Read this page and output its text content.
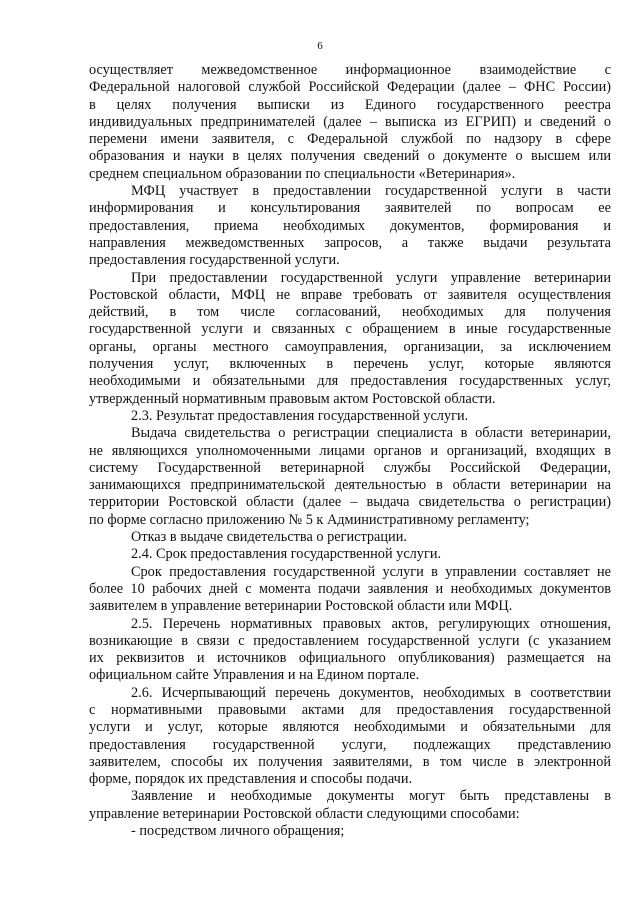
6
осуществляет межведомственное информационное взаимодействие с
Федеральной налоговой службой Российской Федерации (далее – ФНС России)
в целях получения выписки из Единого государственного реестра
индивидуальных предпринимателей (далее – выписка из ЕГРИП) и сведений о
перемени имени заявителя, с Федеральной службой по надзору в сфере
образования и науки в целях получения сведений о документе о высшем или
среднем специальном образовании по специальности «Ветеринария».
МФЦ участвует в предоставлении государственной услуги в части
информирования и консультирования заявителей по вопросам ее
предоставления, приема необходимых документов, формирования и
направления межведомственных запросов, а также выдачи результата
предоставления государственной услуги.
При предоставлении государственной услуги управление ветеринарии
Ростовской области, МФЦ не вправе требовать от заявителя осуществления
действий, в том числе согласований, необходимых для получения
государственной услуги и связанных с обращением в иные государственные
органы, органы местного самоуправления, организации, за исключением
получения услуг, включенных в перечень услуг, которые являются
необходимыми и обязательными для предоставления государственных услуг,
утвержденный нормативным правовым актом Ростовской области.
2.3. Результат предоставления государственной услуги.
Выдача свидетельства о регистрации специалиста в области ветеринарии,
не являющихся уполномоченными лицами органов и организаций, входящих в
систему Государственной ветеринарной службы Российской Федерации,
занимающихся предпринимательской деятельностью в области ветеринарии на
территории Ростовской области (далее – выдача свидетельства о регистрации)
по форме согласно приложению № 5 к Административному регламенту;
Отказ в выдаче свидетельства о регистрации.
2.4. Срок предоставления государственной услуги.
Срок предоставления государственной услуги в управлении составляет не
более 10 рабочих дней с момента подачи заявления и необходимых документов
заявителем в управление ветеринарии Ростовской области или МФЦ.
2.5. Перечень нормативных правовых актов, регулирующих отношения,
возникающие в связи с предоставлением государственной услуги (с указанием
их реквизитов и источников официального опубликования) размещается на
официальном сайте Управления и на Едином портале.
2.6. Исчерпывающий перечень документов, необходимых в соответствии
с нормативными правовыми актами для предоставления государственной
услуги и услуг, которые являются необходимыми и обязательными для
предоставления государственной услуги, подлежащих представлению
заявителем, способы их получения заявителями, в том числе в электронной
форме, порядок их представления и способы подачи.
Заявление и необходимые документы могут быть представлены в
управление ветеринарии Ростовской области следующими способами:
- посредством личного обращения;
